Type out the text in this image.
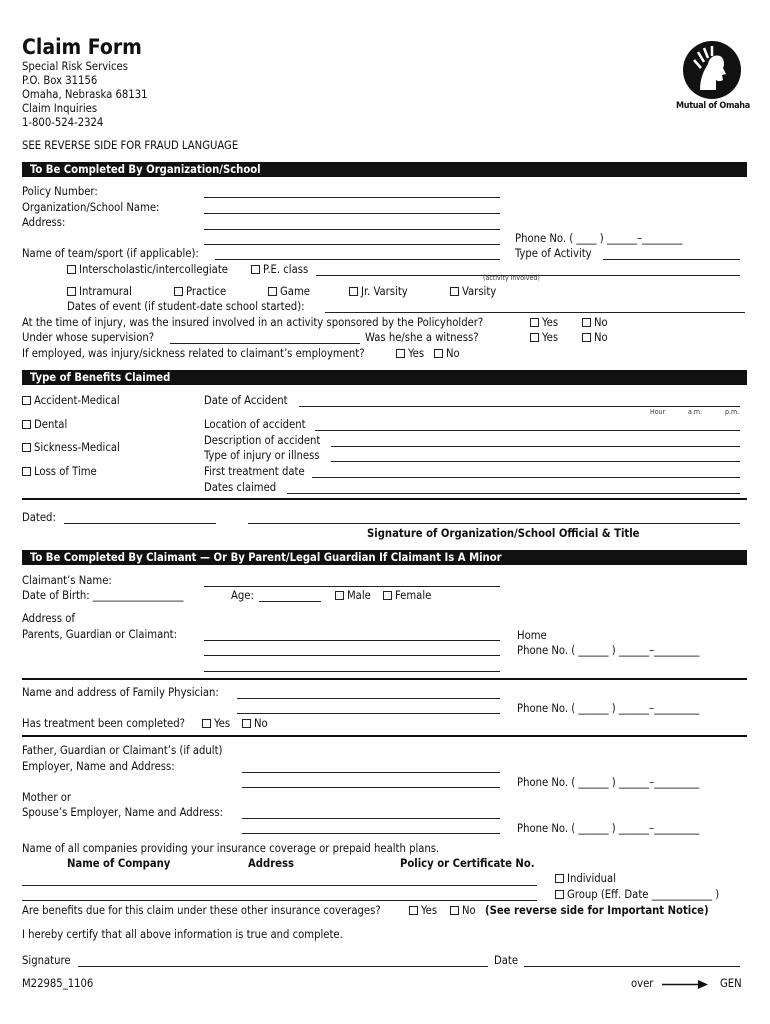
Claim Form
Special Risk Services
P.O. Box 31156
Omaha, Nebraska 68131
Claim Inquiries
1-800-524-2324
SEE REVERSE SIDE FOR FRAUD LANGUAGE
Mutual of Omaha
To Be Completed By Organization/School
Policy Number:
Organization/School Name:
Address:
Phone No. ( ____ ) ______–________
Name of team/sport (if applicable):	Type of Activity
Interscholastic/intercollegiate	P.E. class
(activity involved)
Intramural	Practice	Game	Jr. Varsity	Varsity
Dates of event (if student-date school started):
At the time of injury, was the insured involved in an activity sponsored by the Policyholder?	Yes	No
Under whose supervision?	Was he/she a witness?	Yes	No
If employed, was injury/sickness related to claimant’s employment?	Yes	No
Type of Benefits Claimed
Accident-Medical	Date of Accident
Hour	a.m.	p.m.
Dental	Location of accident
Description of accident
Sickness-Medical
Type of injury or illness
Loss of Time	First treatment date
Dates claimed
Dated:
Signature of Organization/School Official & Title
To Be Completed By Claimant — Or By Parent/Legal Guardian If Claimant Is A Minor
Claimant’s Name:
Date of Birth: __________________	Age:	Male	Female
Address of
Parents, Guardian or Claimant:	Home
Phone No. ( ______ ) ______–_________
Name and address of Family Physician:
Phone No. ( ______ ) ______–_________
Has treatment been completed?	Yes	No
Father, Guardian or Claimant’s (if adult)
Employer, Name and Address:
Phone No. ( ______ ) ______–_________
Mother or
Spouse’s Employer, Name and Address:
Phone No. ( ______ ) ______–_________
Name of all companies providing your insurance coverage or prepaid health plans.
Name of Company	Address	Policy or Certificate No.
Individual
Group (Eff. Date ____________ )
Are benefits due for this claim under these other insurance coverages?	Yes	No (See reverse side for Important Notice)
I hereby certify that all above information is true and complete.
Signature	Date
M22985_1106	over	GEN
